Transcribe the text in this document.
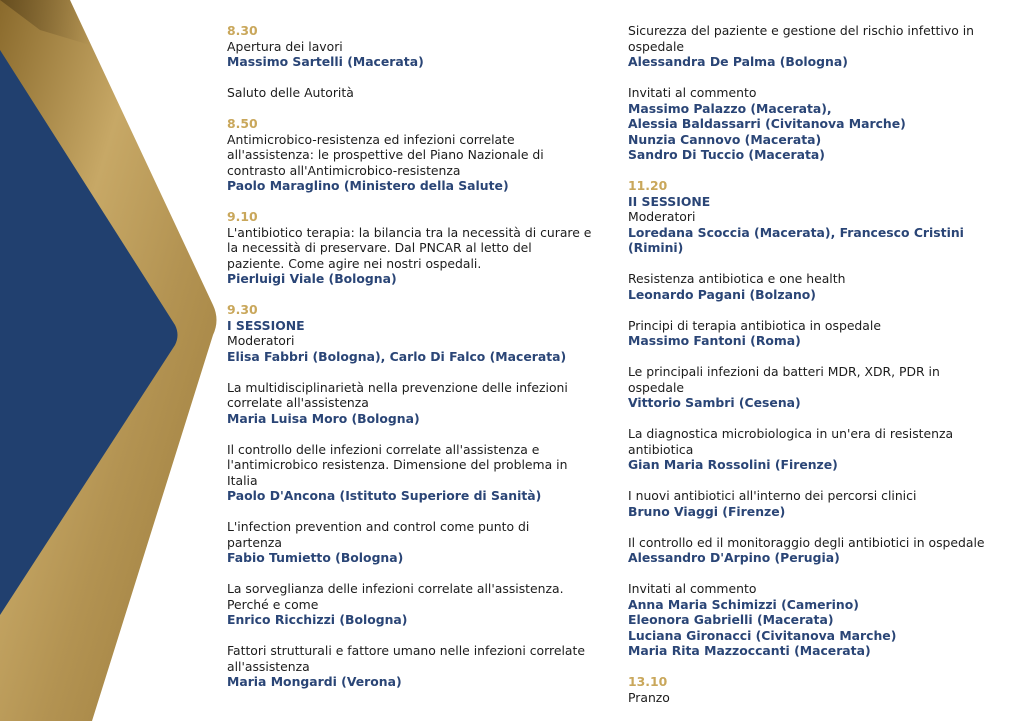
8.30
Apertura dei lavori
Massimo Sartelli (Macerata)
Saluto delle Autorità
8.50
Antimicrobico-resistenza ed infezioni correlate
all'assistenza: le prospettive del Piano Nazionale di
contrasto all'Antimicrobico-resistenza
Paolo Maraglino (Ministero della Salute)
9.10
L'antibiotico terapia: la bilancia tra la necessità di curare e
la necessità di preservare. Dal PNCAR al letto del
paziente. Come agire nei nostri ospedali.
Pierluigi Viale (Bologna)
9.30
I SESSIONE
Moderatori
Elisa Fabbri (Bologna), Carlo Di Falco (Macerata)
La multidisciplinarietà nella prevenzione delle infezioni
correlate all'assistenza
Maria Luisa Moro (Bologna)
Il controllo delle infezioni correlate all'assistenza e
l'antimicrobico resistenza. Dimensione del problema in
Italia
Paolo D'Ancona (Istituto Superiore di Sanità)
L'infection prevention and control come punto di
partenza
Fabio Tumietto (Bologna)
La sorveglianza delle infezioni correlate all'assistenza.
Perché e come
Enrico Ricchizzi (Bologna)
Fattori strutturali e fattore umano nelle infezioni correlate
all'assistenza
Maria Mongardi (Verona)
Sicurezza del paziente e gestione del rischio infettivo in
ospedale
Alessandra De Palma (Bologna)
Invitati al commento
Massimo Palazzo (Macerata),
Alessia Baldassarri (Civitanova Marche)
Nunzia Cannovo (Macerata)
Sandro Di Tuccio (Macerata)
11.20
II SESSIONE
Moderatori
Loredana Scoccia (Macerata), Francesco Cristini (Rimini)
Resistenza antibiotica e one health
Leonardo Pagani (Bolzano)
Principi di terapia antibiotica in ospedale
Massimo Fantoni (Roma)
Le principali infezioni da batteri MDR, XDR, PDR in
ospedale
Vittorio Sambri (Cesena)
La diagnostica microbiologica in un'era di resistenza
antibiotica
Gian Maria Rossolini (Firenze)
I nuovi antibiotici all'interno dei percorsi clinici
Bruno Viaggi (Firenze)
Il controllo ed il monitoraggio degli antibiotici in ospedale
Alessandro D'Arpino (Perugia)
Invitati al commento
Anna Maria Schimizzi (Camerino)
Eleonora Gabrielli (Macerata)
Luciana Gironacci (Civitanova Marche)
Maria Rita Mazzoccanti (Macerata)
13.10
Pranzo
